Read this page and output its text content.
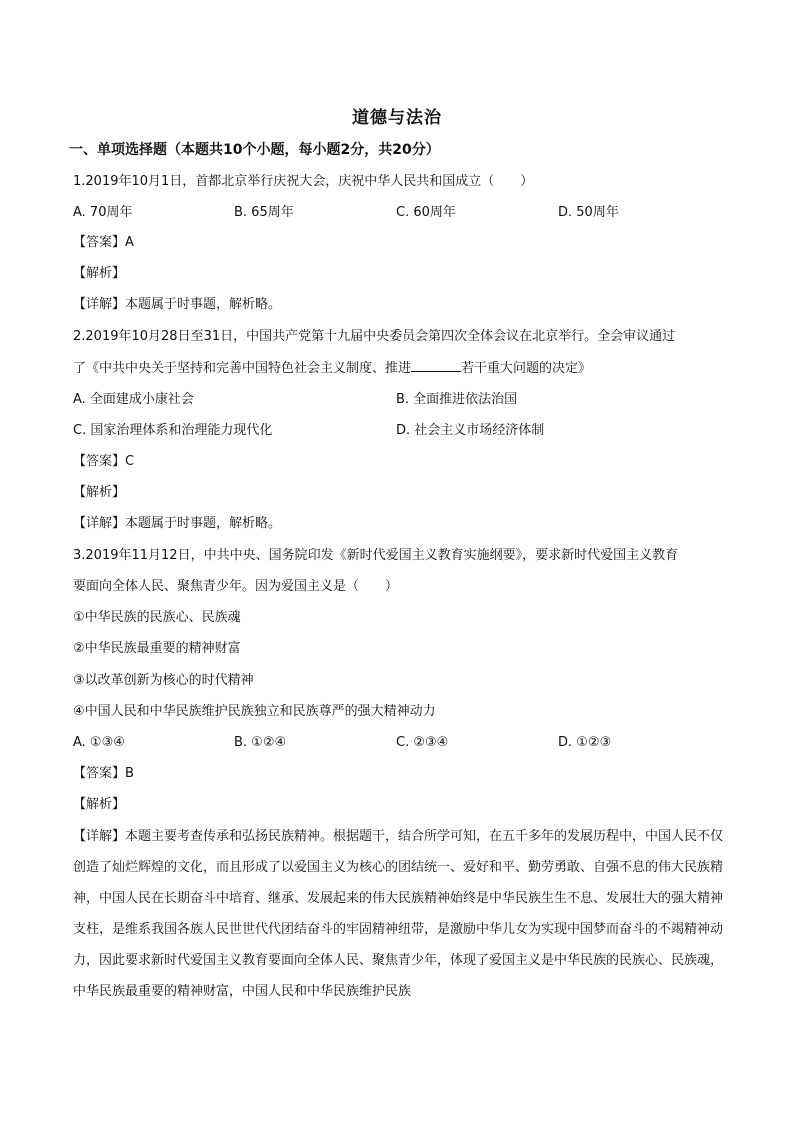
道德与法治
一、单项选择题（本题共10个小题，每小题2分，共20分）
1.2019年10月1日，首都北京举行庆祝大会，庆祝中华人民共和国成立（　　）
A. 70周年	B. 65周年	C. 60周年	D. 50周年
【答案】A
【解析】
【详解】本题属于时事题，解析略。
2.2019年10月28日至31日，中国共产党第十九届中央委员会第四次全体会议在北京举行。全会审议通过
了《中共中央关于坚持和完善中国特色社会主义制度、推进	若干重大问题的决定》
A. 全面建成小康社会	B. 全面推进依法治国
C. 国家治理体系和治理能力现代化	D. 社会主义市场经济体制
【答案】C
【解析】
【详解】本题属于时事题，解析略。
3.2019年11月12日，中共中央、国务院印发《新时代爱国主义教育实施纲要》，要求新时代爱国主义教育
要面向全体人民、聚焦青少年。因为爱国主义是（　　）
①中华民族的民族心、民族魂
②中华民族最重要的精神财富
③以改革创新为核心的时代精神
④中国人民和中华民族维护民族独立和民族尊严的强大精神动力
A. ①③④	B. ①②④	C. ②③④	D. ①②③
【答案】B
【解析】
【详解】本题主要考查传承和弘扬民族精神。根据题干，结合所学可知，在五千多年的发展历程中，中国人民不仅创造了灿烂辉煌的文化，而且形成了以爱国主义为核心的团结统一、爱好和平、勤劳勇敢、自强不息的伟大民族精神，中国人民在长期奋斗中培育、继承、发展起来的伟大民族精神始终是中华民族生生不息、发展壮大的强大精神支柱，是维系我国各族人民世世代代团结奋斗的牢固精神纽带，是激励中华儿女为实现中国梦而奋斗的不竭精神动力，因此要求新时代爱国主义教育要面向全体人民、聚焦青少年，体现了爱国主义是中华民族的民族心、民族魂，中华民族最重要的精神财富，中国人民和中华民族维护民族
